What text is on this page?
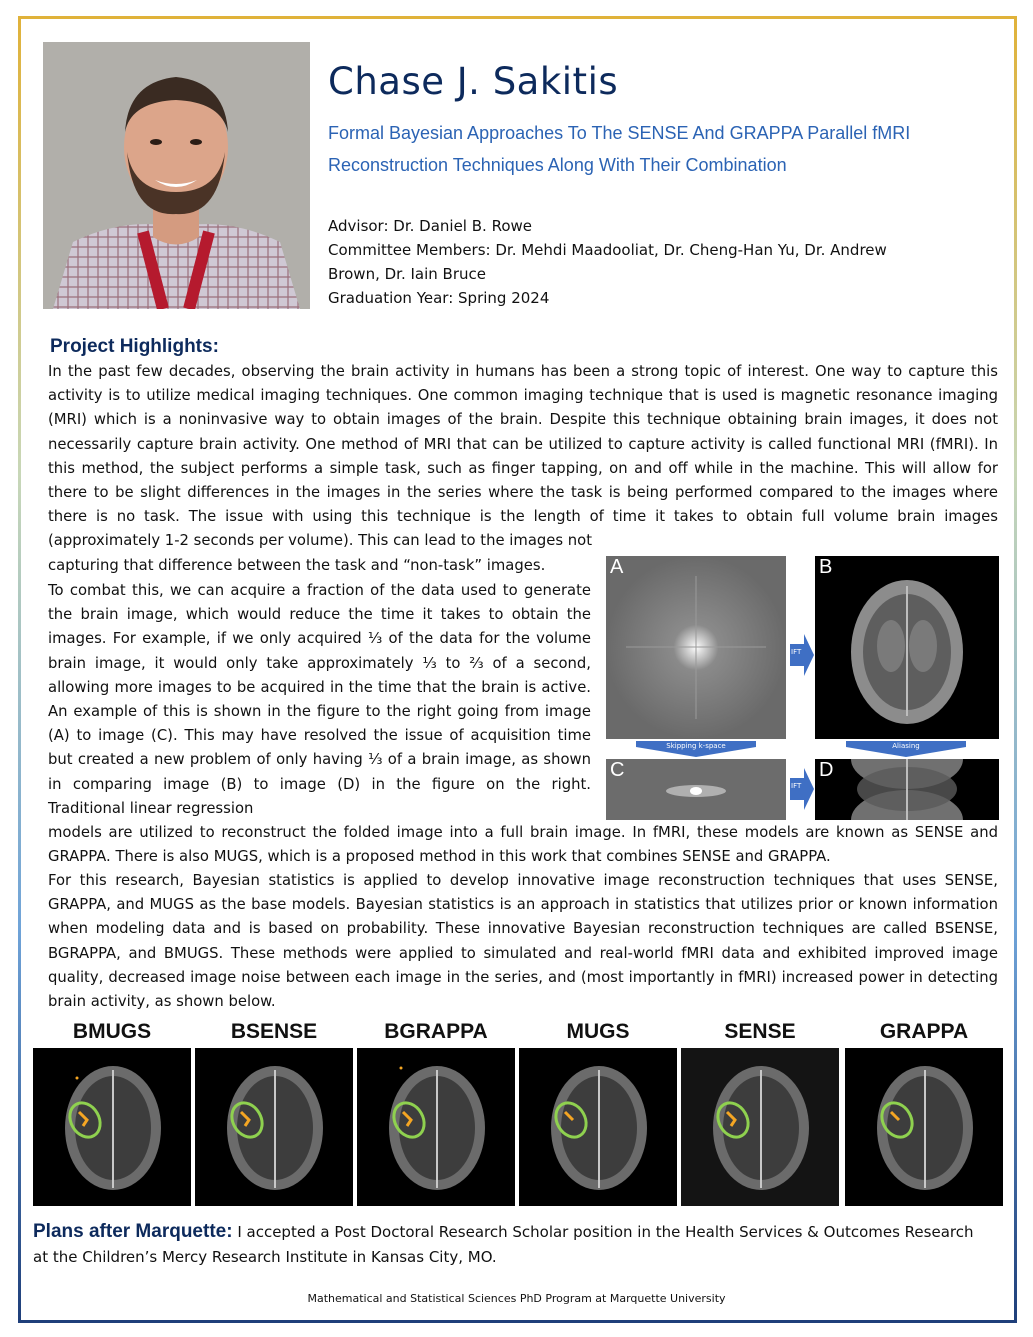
Chase J. Sakitis
Formal Bayesian Approaches To The SENSE And GRAPPA Parallel fMRI
Reconstruction Techniques Along With Their Combination
Advisor: Dr. Daniel B. Rowe
Committee Members: Dr. Mehdi Maadooliat, Dr. Cheng-Han Yu, Dr. Andrew
Brown, Dr. Iain Bruce
Graduation Year: Spring 2024
Project Highlights:
In the past few decades, observing the brain activity in humans has been a strong topic of interest. One way to capture this activity is to utilize medical imaging techniques. One common imaging technique that is used is magnetic resonance imaging (MRI) which is a noninvasive way to obtain images of the brain. Despite this technique obtaining brain images, it does not necessarily capture brain activity. One method of MRI that can be utilized to capture activity is called functional MRI (fMRI). In this method, the subject performs a simple task, such as finger tapping, on and off while in the machine. This will allow for there to be slight differences in the images in the series where the task is being performed compared to the images where there is no task. The issue with using this technique is the length of time it takes to obtain full volume brain images (approximately 1-2 seconds per volume). This can lead to the images not
capturing that difference between the task and “non-task” images.
To combat this, we can acquire a fraction of the data used to generate the brain image, which would reduce the time it takes to obtain the images. For example, if we only acquired ⅓ of the data for the volume brain image, it would only take approximately ⅓ to ⅔ of a second, allowing more images to be acquired in the time that the brain is active. An example of this is shown in the figure to the right going from image (A) to image (C). This may have resolved the issue of acquisition time but created a new problem of only having ⅓ of a brain image, as shown in comparing image (B) to image (D) in the figure on the right. Traditional linear regression
models are utilized to reconstruct the folded image into a full brain image. In fMRI, these models are known as SENSE and GRAPPA. There is also MUGS, which is a proposed method in this work that combines SENSE and GRAPPA.
For this research, Bayesian statistics is applied to develop innovative image reconstruction techniques that uses SENSE, GRAPPA, and MUGS as the base models. Bayesian statistics is an approach in statistics that utilizes prior or known information when modeling data and is based on probability. These innovative Bayesian reconstruction techniques are called BSENSE, BGRAPPA, and BMUGS. These methods were applied to simulated and real-world fMRI data and exhibited improved image quality, decreased image noise between each image in the series, and (most importantly in fMRI) increased power in detecting brain activity, as shown below.
A	B
IFT
Skipping k-space	Aliasing
C
IFT
D
BMUGS	BSENSE	BGRAPPA	MUGS	SENSE	GRAPPA
Plans after Marquette: I accepted a Post Doctoral Research Scholar position in the Health Services & Outcomes Research at the Children’s Mercy Research Institute in Kansas City, MO.
Mathematical and Statistical Sciences PhD Program at Marquette University
